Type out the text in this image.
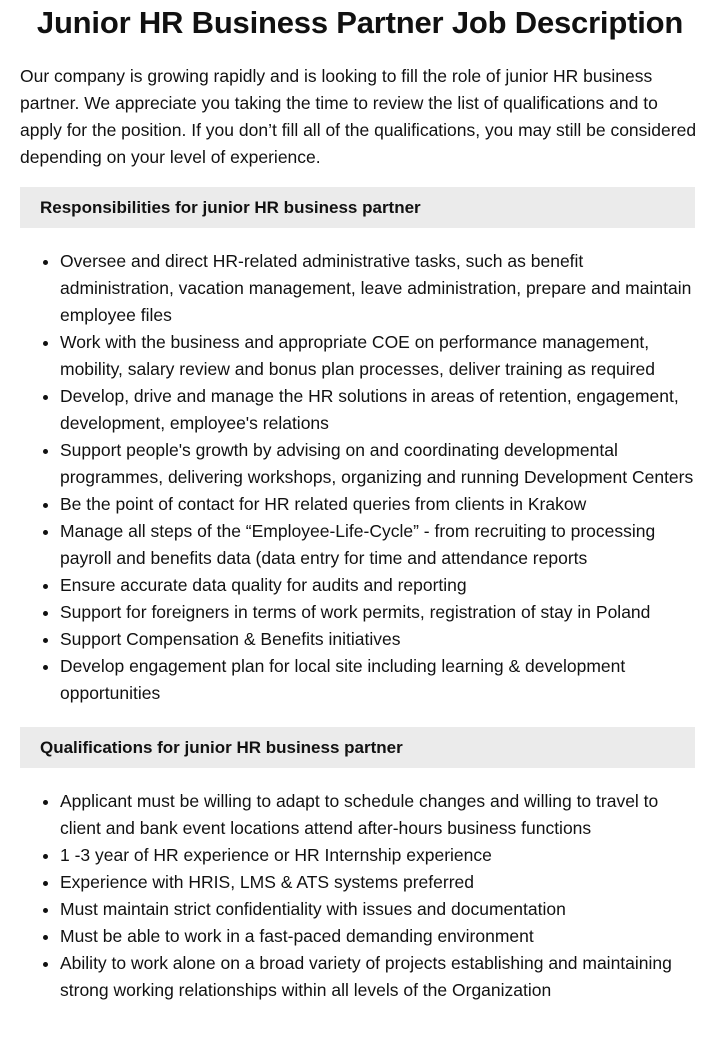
Junior HR Business Partner Job Description

Our company is growing rapidly and is looking to fill the role of junior HR business partner. We appreciate you taking the time to review the list of qualifications and to apply for the position. If you don’t fill all of the qualifications, you may still be considered depending on your level of experience.

Responsibilities for junior HR business partner
• Oversee and direct HR-related administrative tasks, such as benefit administration, vacation management, leave administration, prepare and maintain employee files
• Work with the business and appropriate COE on performance management, mobility, salary review and bonus plan processes, deliver training as required
• Develop, drive and manage the HR solutions in areas of retention, engagement, development, employee's relations
• Support people's growth by advising on and coordinating developmental programmes, delivering workshops, organizing and running Development Centers
• Be the point of contact for HR related queries from clients in Krakow
• Manage all steps of the “Employee-Life-Cycle” - from recruiting to processing payroll and benefits data (data entry for time and attendance reports
• Ensure accurate data quality for audits and reporting
• Support for foreigners in terms of work permits, registration of stay in Poland
• Support Compensation & Benefits initiatives
• Develop engagement plan for local site including learning & development opportunities
Qualifications for junior HR business partner
• Applicant must be willing to adapt to schedule changes and willing to travel to client and bank event locations attend after-hours business functions
• 1 -3 year of HR experience or HR Internship experience
• Experience with HRIS, LMS & ATS systems preferred
• Must maintain strict confidentiality with issues and documentation
• Must be able to work in a fast-paced demanding environment
• Ability to work alone on a broad variety of projects establishing and maintaining strong working relationships within all levels of the Organization
